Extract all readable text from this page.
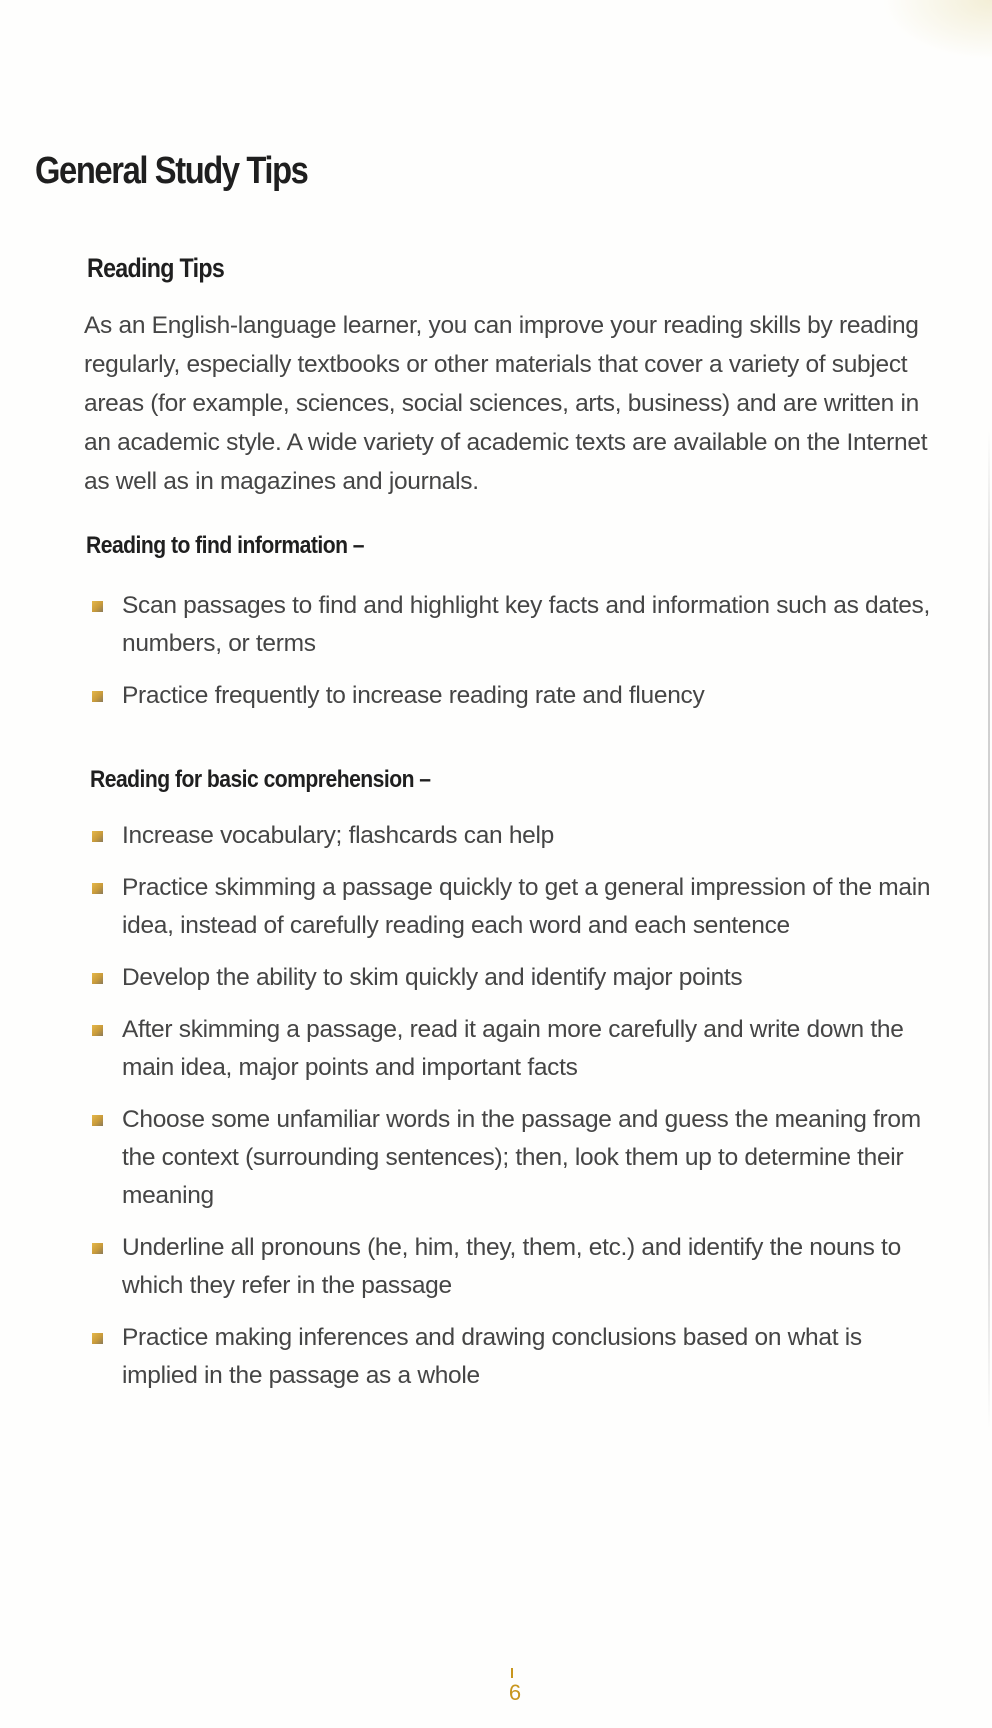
General Study Tips
Reading Tips

As an English-language learner, you can improve your reading skills by reading regularly, especially textbooks or other materials that cover a variety of subject areas (for example, sciences, social sciences, arts, business) and are written in an academic style. A wide variety of academic texts are available on the Internet as well as in magazines and journals.

Reading to find information –
Scan passages to find and highlight key facts and information such as dates, numbers, or terms
Practice frequently to increase reading rate and fluency
Reading for basic comprehension –
Increase vocabulary; flashcards can help
Practice skimming a passage quickly to get a general impression of the main idea, instead of carefully reading each word and each sentence
Develop the ability to skim quickly and identify major points
After skimming a passage, read it again more carefully and write down the main idea, major points and important facts
Choose some unfamiliar words in the passage and guess the meaning from the context (surrounding sentences); then, look them up to determine their meaning
Underline all pronouns (he, him, they, them, etc.) and identify the nouns to which they refer in the passage
Practice making inferences and drawing conclusions based on what is implied in the passage as a whole
6
